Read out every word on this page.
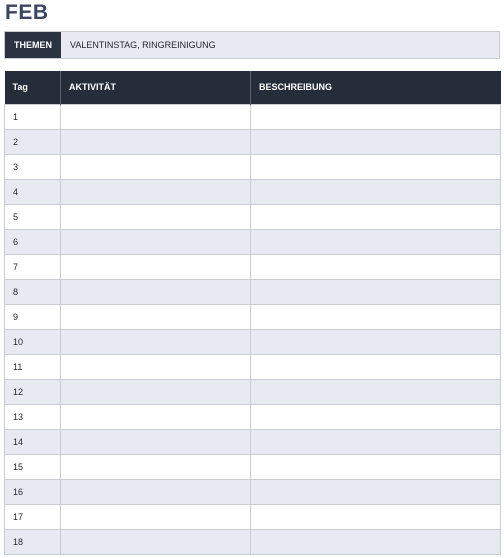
FEB
THEMEN	VALENTINSTAG, RINGREINIGUNG
Tag	AKTIVITÄT	BESCHREIBUNG
1		
2		
3		
4		
5		
6		
7		
8		
9		
10		
11		
12		
13		
14		
15		
16		
17		
18		
